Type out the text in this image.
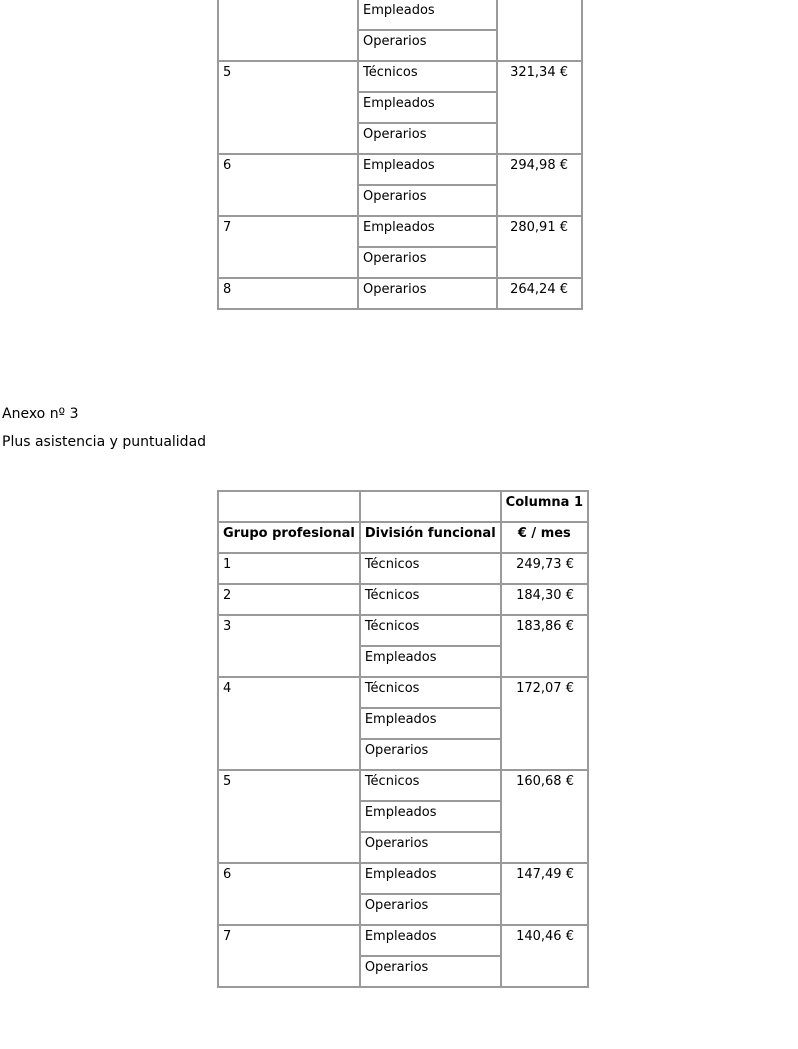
	Empleados	
	Operarios	
5	Técnicos	321,34 €
	Empleados	
	Operarios	
6	Empleados	294,98 €
	Operarios	
7	Empleados	280,91 €
	Operarios	
8	Operarios	264,24 €

Anexo nº 3

Plus asistencia y puntualidad

		Columna 1
Grupo profesional	División funcional	€ / mes
1	Técnicos	249,73 €
2	Técnicos	184,30 €
3	Técnicos	183,86 €
	Empleados	
4	Técnicos	172,07 €
	Empleados	
	Operarios	
5	Técnicos	160,68 €
	Empleados	
	Operarios	
6	Empleados	147,49 €
	Operarios	
7	Empleados	140,46 €
	Operarios	
